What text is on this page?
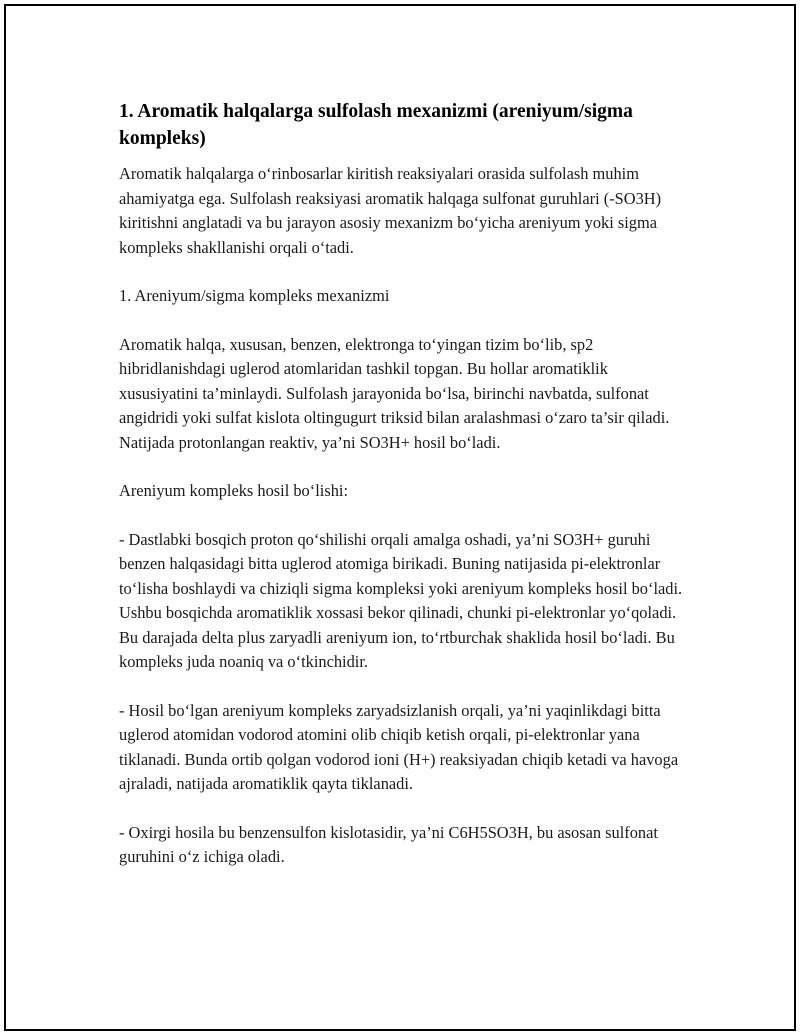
1. Aromatik halqalarga sulfolash mexanizmi (areniyum/sigma kompleks)

Aromatik halqalarga o‘rinbosarlar kiritish reaksiyalari orasida sulfolash muhim ahamiyatga ega. Sulfolash reaksiyasi aromatik halqaga sulfonat guruhlari (-SO3H) kiritishni anglatadi va bu jarayon asosiy mexanizm bo‘yicha areniyum yoki sigma kompleks shakllanishi orqali o‘tadi.

1. Areniyum/sigma kompleks mexanizmi

Aromatik halqa, xususan, benzen, elektronga to‘yingan tizim bo‘lib, sp2 hibridlanishdagi uglerod atomlaridan tashkil topgan. Bu hollar aromatiklik xususiyatini ta’minlaydi. Sulfolash jarayonida bo‘lsa, birinchi navbatda, sulfonat angidridi yoki sulfat kislota oltingugurt triksid bilan aralashmasi o‘zaro ta’sir qiladi. Natijada protonlangan reaktiv, ya’ni SO3H+ hosil bo‘ladi.

Areniyum kompleks hosil bo‘lishi:

- Dastlabki bosqich proton qo‘shilishi orqali amalga oshadi, ya’ni SO3H+ guruhi benzen halqasidagi bitta uglerod atomiga birikadi. Buning natijasida pi-elektronlar to‘lisha boshlaydi va chiziqli sigma kompleksi yoki areniyum kompleks hosil bo‘ladi. Ushbu bosqichda aromatiklik xossasi bekor qilinadi, chunki pi-elektronlar yo‘qoladi. Bu darajada delta plus zaryadli areniyum ion, to‘rtburchak shaklida hosil bo‘ladi. Bu kompleks juda noaniq va o‘tkinchidir.

- Hosil bo‘lgan areniyum kompleks zaryadsizlanish orqali, ya’ni yaqinlikdagi bitta uglerod atomidan vodorod atomini olib chiqib ketish orqali, pi-elektronlar yana tiklanadi. Bunda ortib qolgan vodorod ioni (H+) reaksiyadan chiqib ketadi va havoga ajraladi, natijada aromatiklik qayta tiklanadi.

- Oxirgi hosila bu benzensulfon kislotasidir, ya’ni C6H5SO3H, bu asosan sulfonat guruhini o‘z ichiga oladi.
